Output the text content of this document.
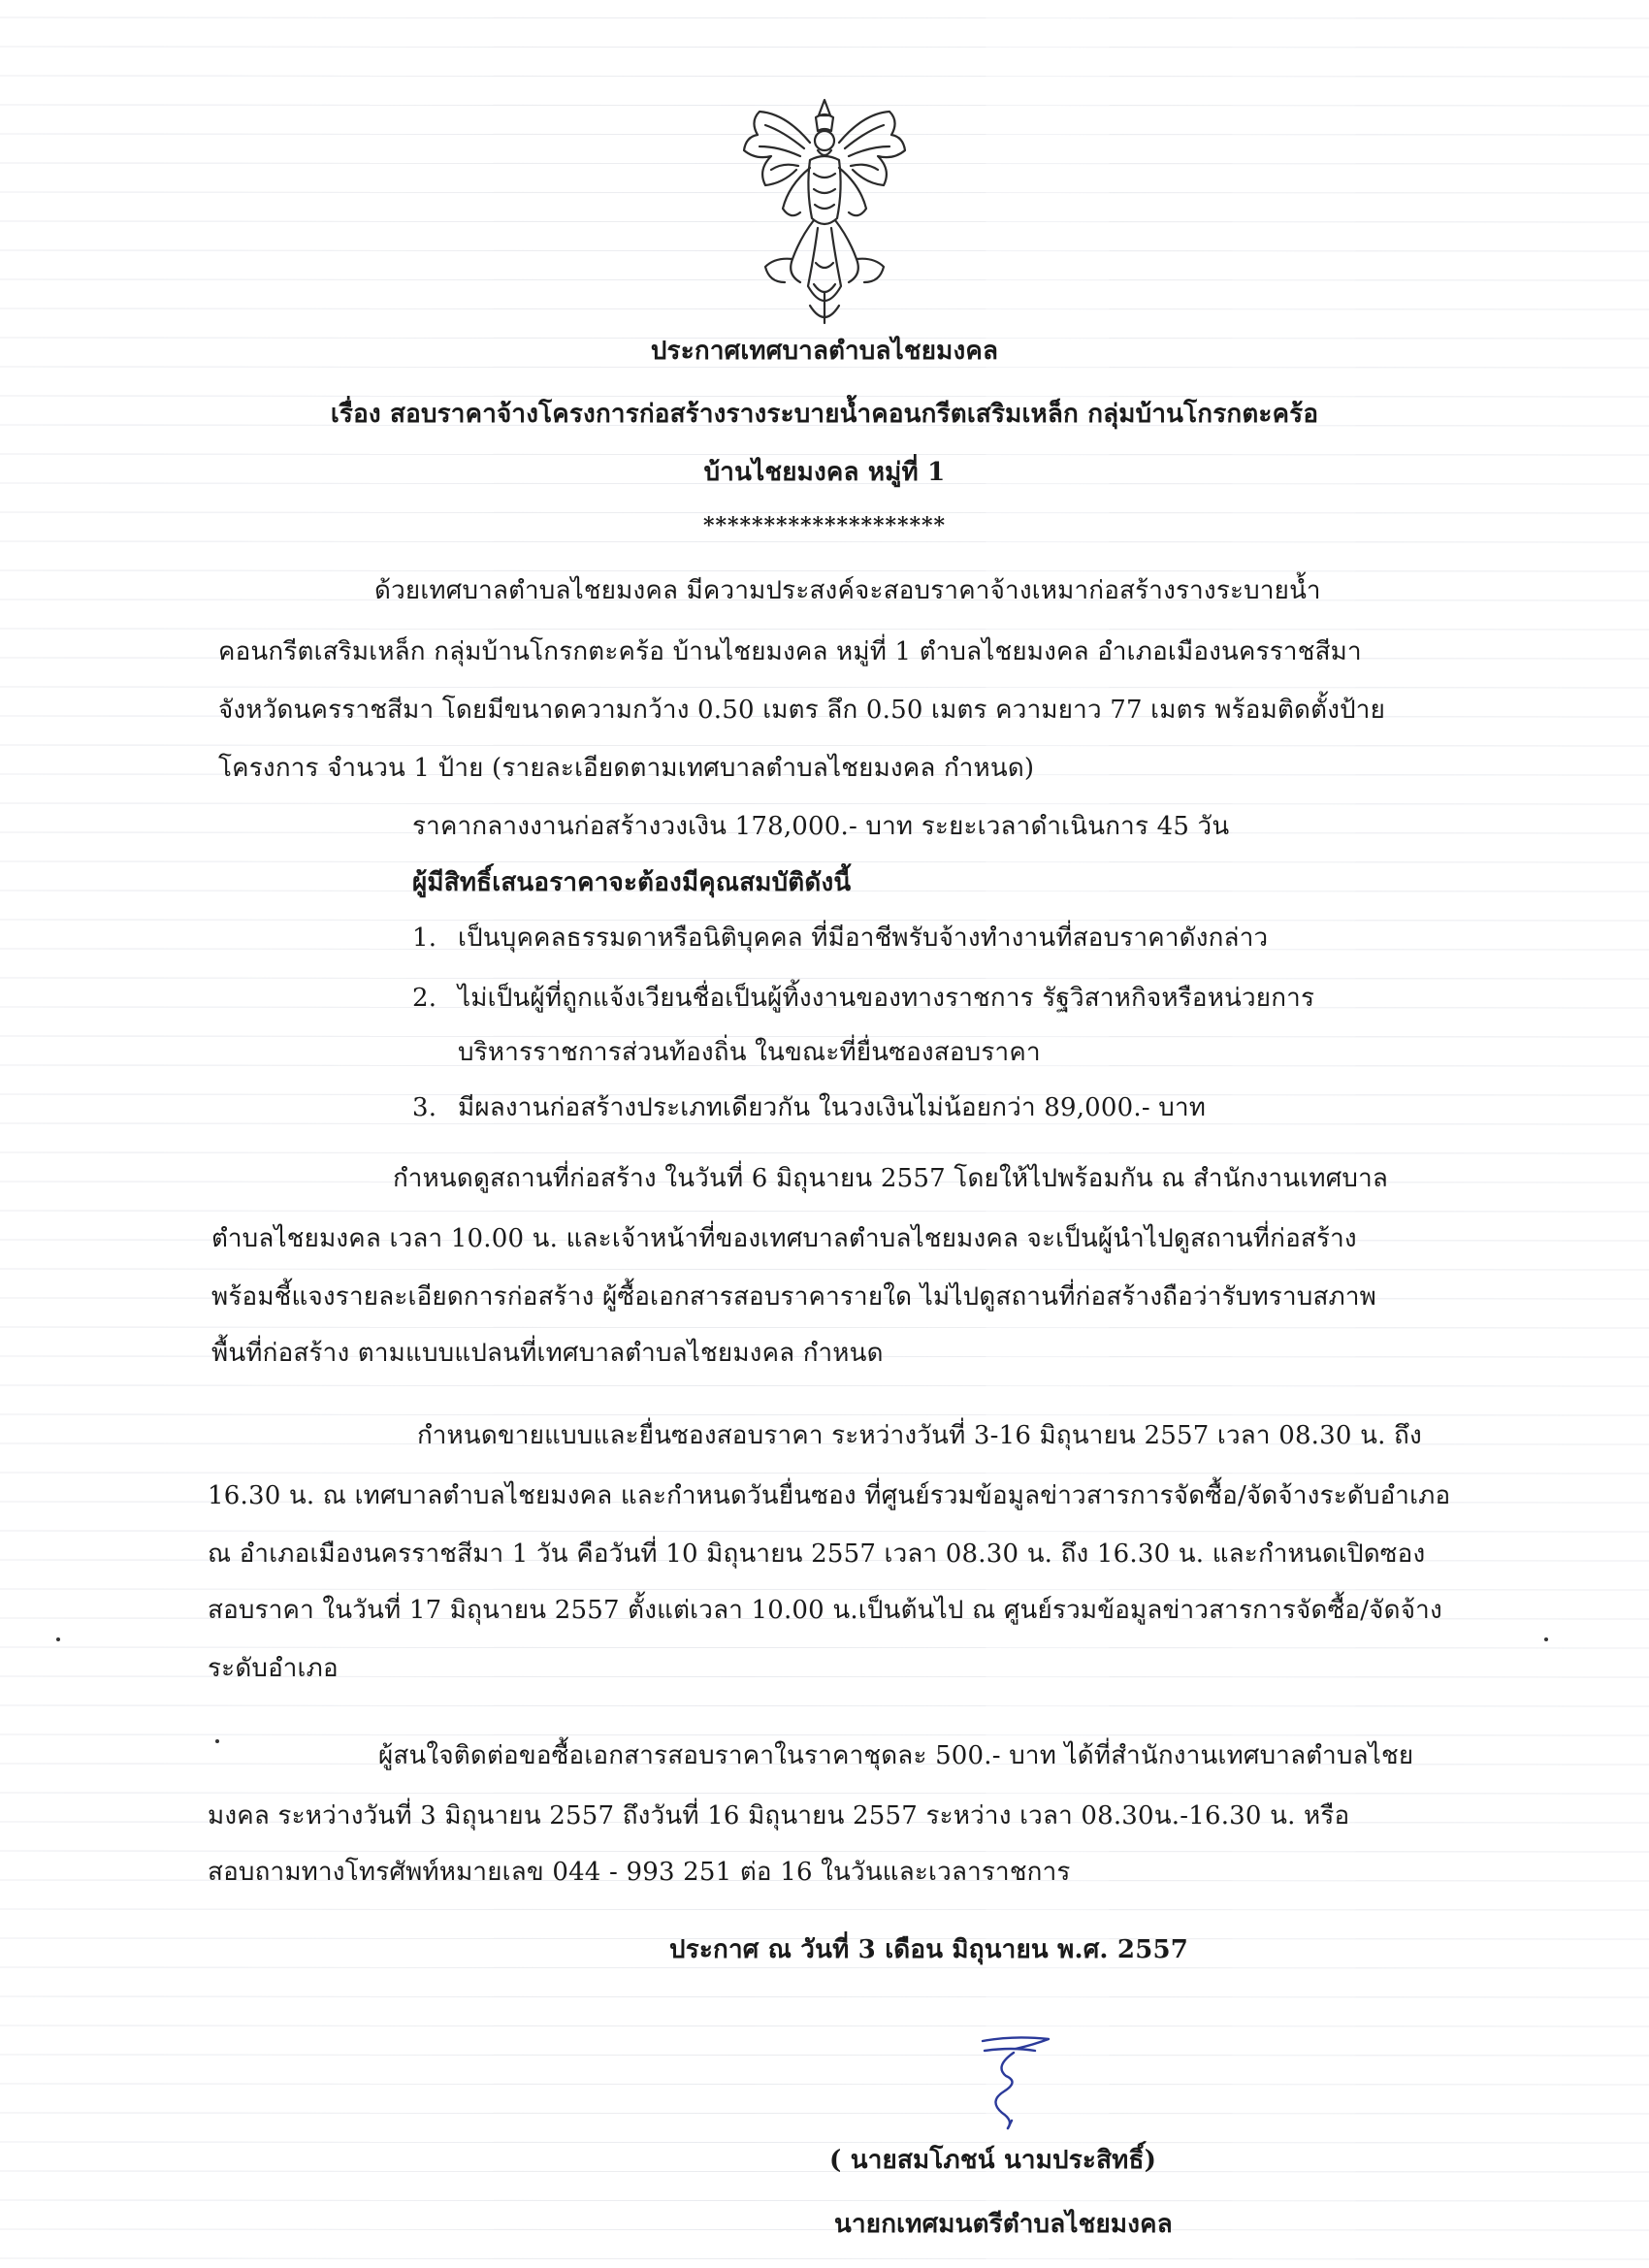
ประกาศเทศบาลตำบลไชยมงคล
เรื่อง สอบราคาจ้างโครงการก่อสร้างรางระบายน้ำคอนกรีตเสริมเหล็ก กลุ่มบ้านโกรกตะคร้อ
บ้านไชยมงคล หมู่ที่ 1
********************
ด้วยเทศบาลตำบลไชยมงคล มีความประสงค์จะสอบราคาจ้างเหมาก่อสร้างรางระบายน้ำ
คอนกรีตเสริมเหล็ก กลุ่มบ้านโกรกตะคร้อ บ้านไชยมงคล หมู่ที่ 1 ตำบลไชยมงคล อำเภอเมืองนครราชสีมา
จังหวัดนครราชสีมา โดยมีขนาดความกว้าง 0.50 เมตร ลึก 0.50 เมตร ความยาว 77 เมตร พร้อมติดตั้งป้าย
โครงการ จำนวน 1 ป้าย (รายละเอียดตามเทศบาลตำบลไชยมงคล กำหนด)
ราคากลางงานก่อสร้างวงเงิน 178,000.- บาท ระยะเวลาดำเนินการ 45 วัน
ผู้มีสิทธิ์เสนอราคาจะต้องมีคุณสมบัติดังนี้
1. เป็นบุคคลธรรมดาหรือนิติบุคคล ที่มีอาชีพรับจ้างทำงานที่สอบราคาดังกล่าว
2. ไม่เป็นผู้ที่ถูกแจ้งเวียนชื่อเป็นผู้ทิ้งงานของทางราชการ รัฐวิสาหกิจหรือหน่วยการ
บริหารราชการส่วนท้องถิ่น ในขณะที่ยื่นซองสอบราคา
3. มีผลงานก่อสร้างประเภทเดียวกัน ในวงเงินไม่น้อยกว่า 89,000.- บาท
กำหนดดูสถานที่ก่อสร้าง ในวันที่ 6 มิถุนายน 2557 โดยให้ไปพร้อมกัน ณ สำนักงานเทศบาล
ตำบลไชยมงคล เวลา 10.00 น. และเจ้าหน้าที่ของเทศบาลตำบลไชยมงคล จะเป็นผู้นำไปดูสถานที่ก่อสร้าง
พร้อมชี้แจงรายละเอียดการก่อสร้าง ผู้ซื้อเอกสารสอบราคารายใด ไม่ไปดูสถานที่ก่อสร้างถือว่ารับทราบสภาพ
พื้นที่ก่อสร้าง ตามแบบแปลนที่เทศบาลตำบลไชยมงคล กำหนด
กำหนดขายแบบและยื่นซองสอบราคา ระหว่างวันที่ 3-16 มิถุนายน 2557 เวลา 08.30 น. ถึง
16.30 น. ณ เทศบาลตำบลไชยมงคล และกำหนดวันยื่นซอง ที่ศูนย์รวมข้อมูลข่าวสารการจัดซื้อ/จัดจ้างระดับอำเภอ
ณ อำเภอเมืองนครราชสีมา 1 วัน คือวันที่ 10 มิถุนายน 2557 เวลา 08.30 น. ถึง 16.30 น. และกำหนดเปิดซอง
สอบราคา ในวันที่ 17 มิถุนายน 2557 ตั้งแต่เวลา 10.00 น.เป็นต้นไป ณ ศูนย์รวมข้อมูลข่าวสารการจัดซื้อ/จัดจ้าง
ระดับอำเภอ
ผู้สนใจติดต่อขอซื้อเอกสารสอบราคาในราคาชุดละ 500.- บาท ได้ที่สำนักงานเทศบาลตำบลไชย
มงคล ระหว่างวันที่ 3 มิถุนายน 2557 ถึงวันที่ 16 มิถุนายน 2557 ระหว่าง เวลา 08.30น.-16.30 น. หรือ
สอบถามทางโทรศัพท์หมายเลข 044 - 993 251 ต่อ 16 ในวันและเวลาราชการ
ประกาศ ณ วันที่ 3 เดือน มิถุนายน พ.ศ. 2557
( นายสมโภชน์ นามประสิทธิ์)
นายกเทศมนตรีตำบลไชยมงคล
